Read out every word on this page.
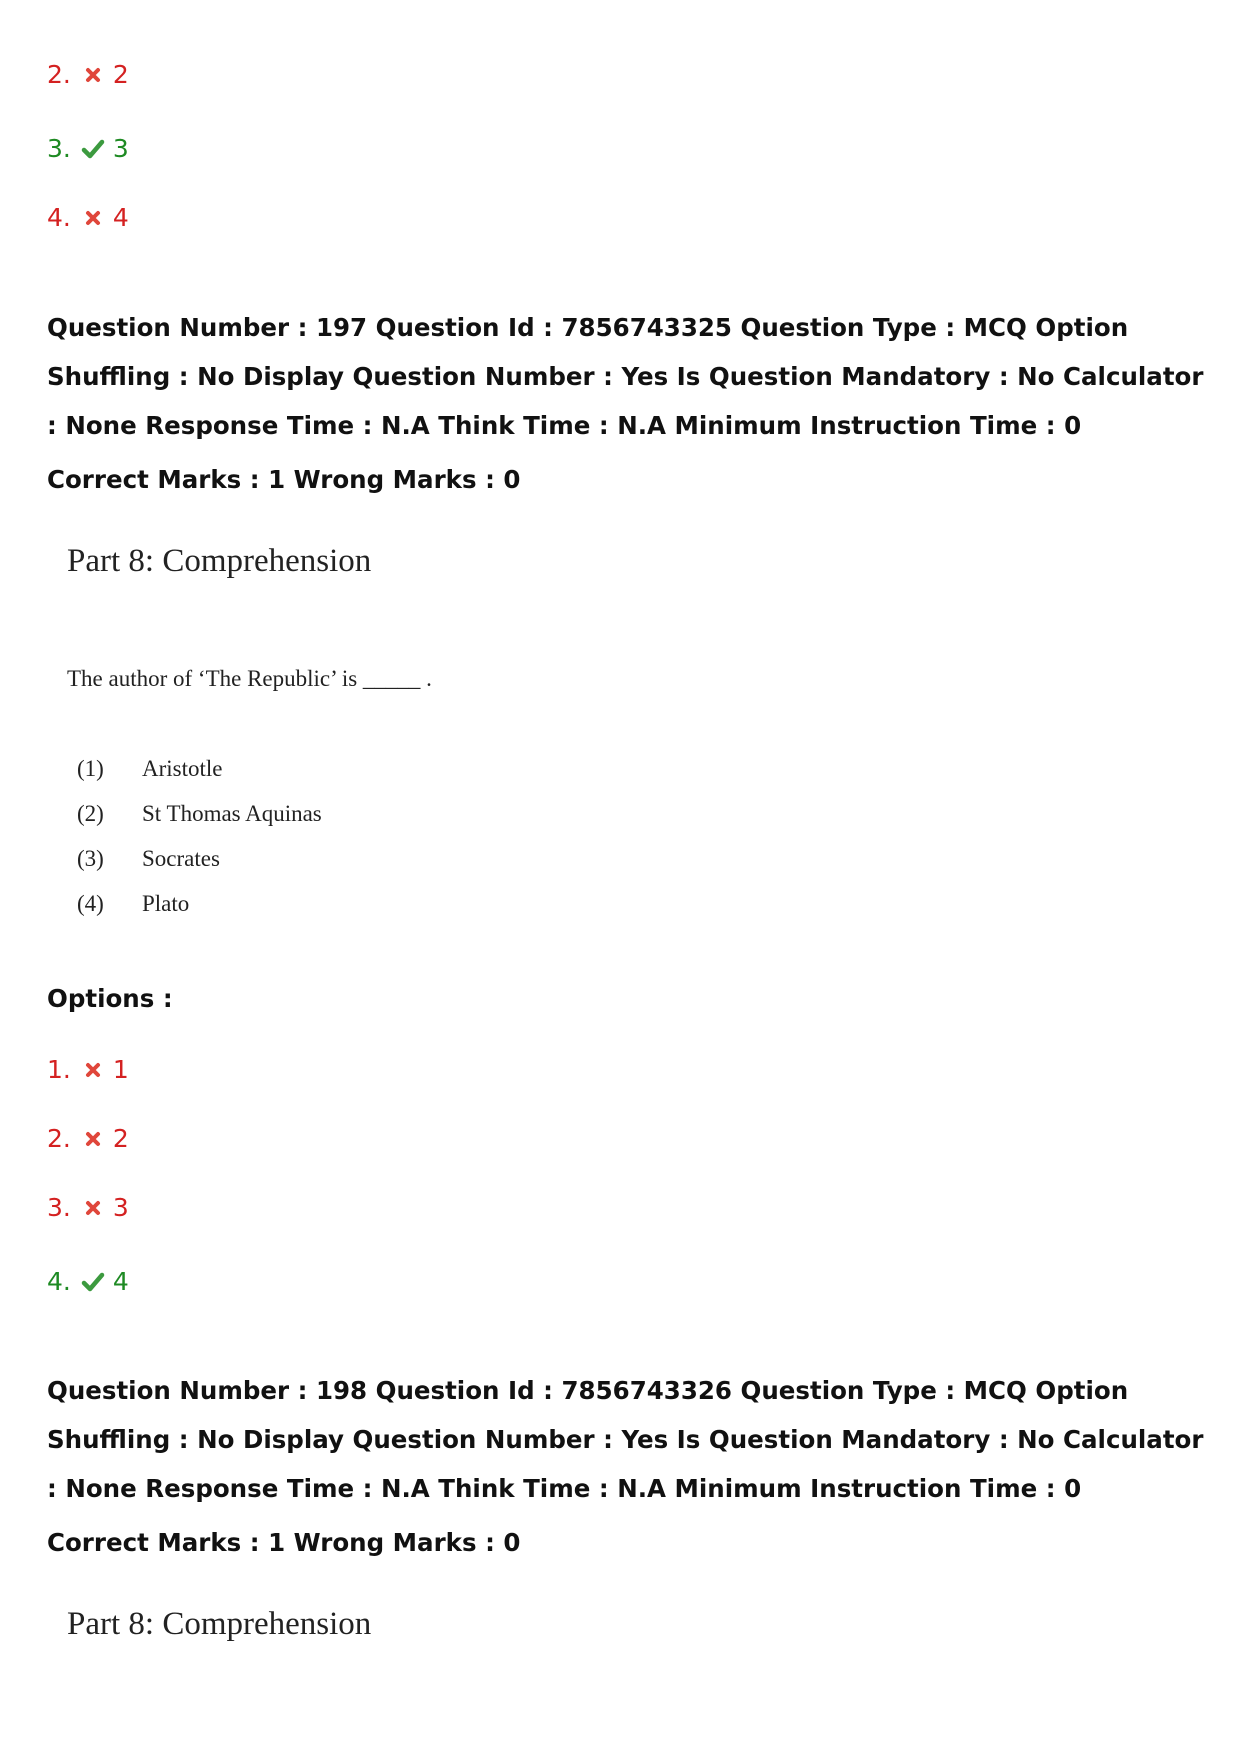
2. 2
3. 3
4. 4
Question Number : 197 Question Id : 7856743325 Question Type : MCQ Option Shuffling : No Display Question Number : Yes Is Question Mandatory : No Calculator : None Response Time : N.A Think Time : N.A Minimum Instruction Time : 0
Correct Marks : 1 Wrong Marks : 0
Part 8: Comprehension
The author of ‘The Republic’ is _____ .
(1) Aristotle
(2) St Thomas Aquinas
(3) Socrates
(4) Plato
Options :
1. 1
2. 2
3. 3
4. 4
Question Number : 198 Question Id : 7856743326 Question Type : MCQ Option Shuffling : No Display Question Number : Yes Is Question Mandatory : No Calculator : None Response Time : N.A Think Time : N.A Minimum Instruction Time : 0
Correct Marks : 1 Wrong Marks : 0
Part 8: Comprehension
